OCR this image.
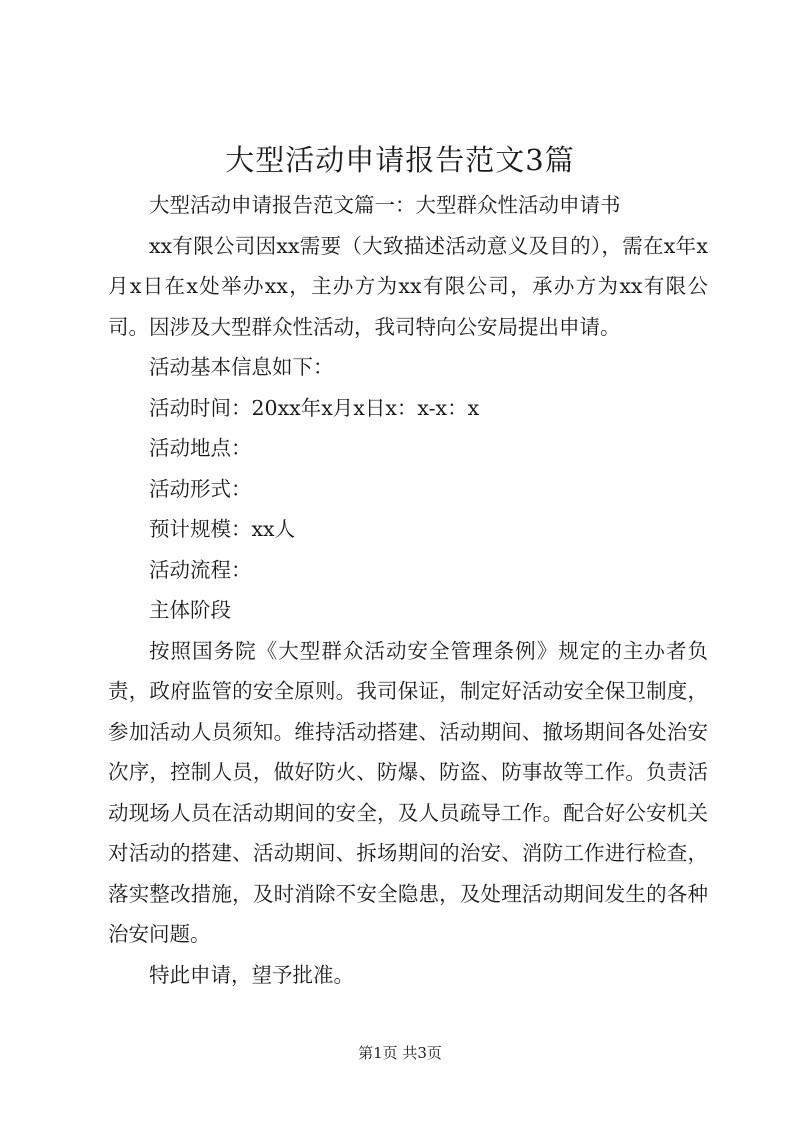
大型活动申请报告范文3篇

大型活动申请报告范文篇一：大型群众性活动申请书

xx有限公司因xx需要（大致描述活动意义及目的），需在x年x月x日在x处举办xx，主办方为xx有限公司，承办方为xx有限公司。因涉及大型群众性活动，我司特向公安局提出申请。

活动基本信息如下：

活动时间：20xx年x月x日x：x-x：x

活动地点：

活动形式：

预计规模：xx人

活动流程：

主体阶段

按照国务院《大型群众活动安全管理条例》规定的主办者负责，政府监管的安全原则。我司保证，制定好活动安全保卫制度，参加活动人员须知。维持活动搭建、活动期间、撤场期间各处治安次序，控制人员，做好防火、防爆、防盗、防事故等工作。负责活动现场人员在活动期间的安全，及人员疏导工作。配合好公安机关对活动的搭建、活动期间、拆场期间的治安、消防工作进行检查，落实整改措施，及时消除不安全隐患，及处理活动期间发生的各种治安问题。

特此申请，望予批准。

第1页 共3页
